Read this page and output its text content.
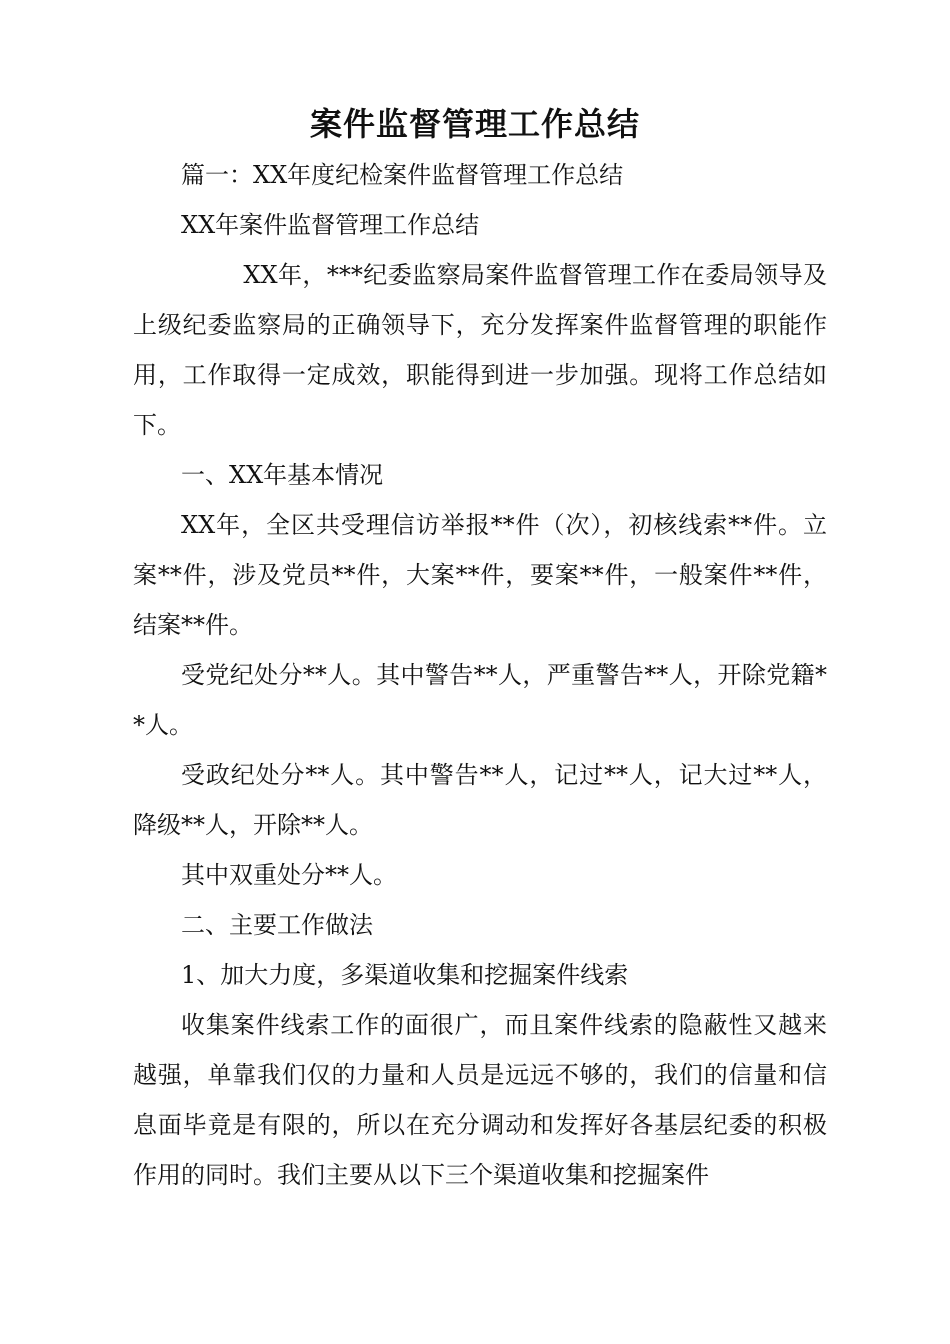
案件监督管理工作总结

篇一：XX年度纪检案件监督管理工作总结

XX年案件监督管理工作总结

XX年，***纪委监察局案件监督管理工作在委局领导及上级纪委监察局的正确领导下，充分发挥案件监督管理的职能作用，工作取得一定成效，职能得到进一步加强。现将工作总结如下。

一、XX年基本情况

XX年，全区共受理信访举报**件（次），初核线索**件。立案**件，涉及党员**件，大案**件，要案**件，一般案件**件，结案**件。

受党纪处分**人。其中警告**人，严重警告**人，开除党籍**人。

受政纪处分**人。其中警告**人，记过**人，记大过**人，降级**人，开除**人。

其中双重处分**人。

二、主要工作做法

1、加大力度，多渠道收集和挖掘案件线索

收集案件线索工作的面很广，而且案件线索的隐蔽性又越来越强，单靠我们仅的力量和人员是远远不够的，我们的信量和信息面毕竟是有限的，所以在充分调动和发挥好各基层纪委的积极作用的同时。我们主要从以下三个渠道收集和挖掘案件
